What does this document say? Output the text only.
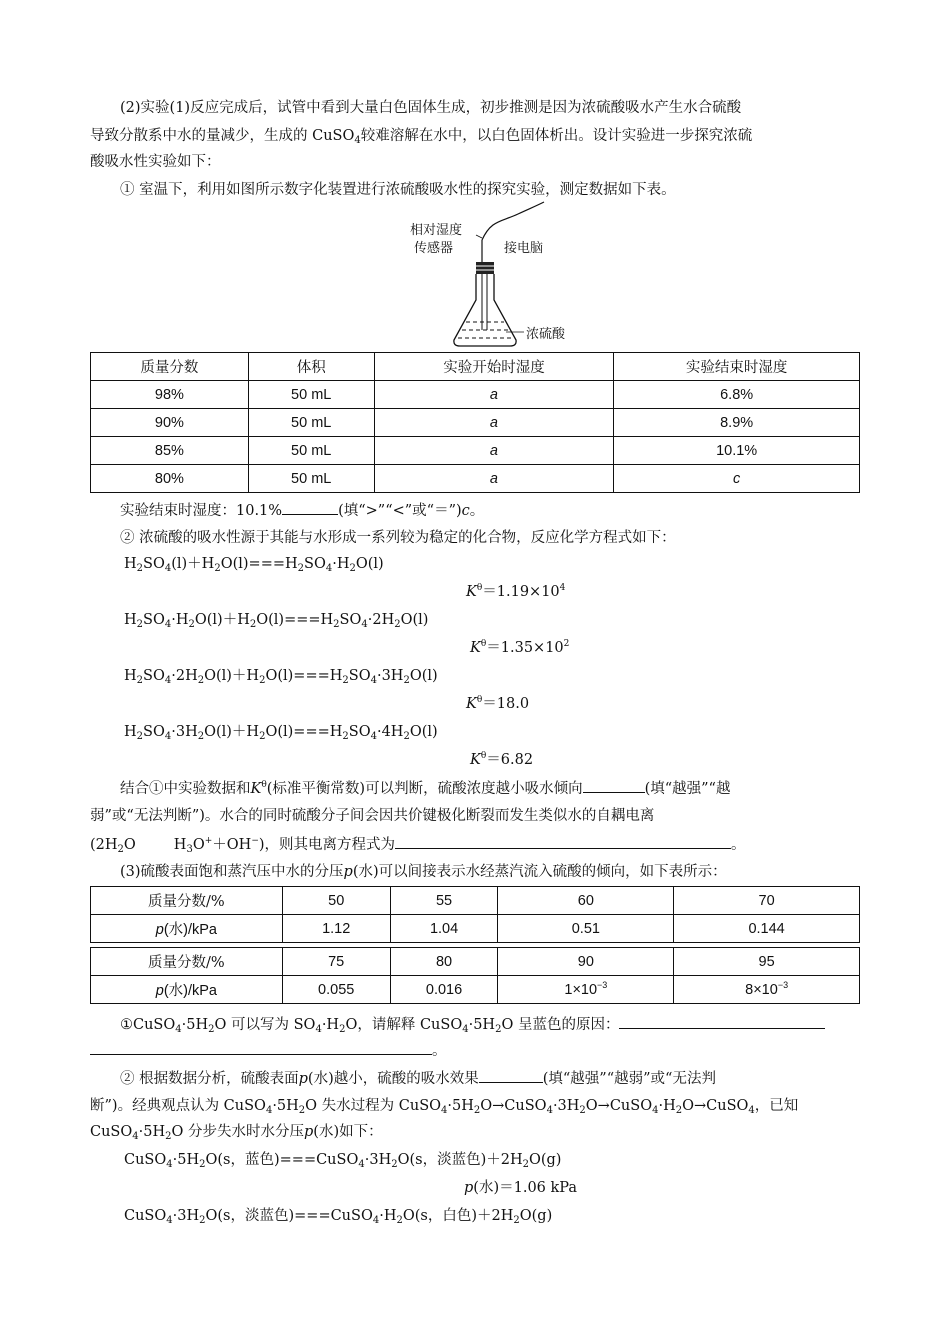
(2)实验(1)反应完成后，试管中看到大量白色固体生成，初步推测是因为浓硫酸吸水产生水合硫酸
导致分散系中水的量减少，生成的 CuSO$_4$较难溶解在水中，以白色固体析出。设计实验进一步探究浓硫
酸吸水性实验如下：
① 室温下，利用如图所示数字化装置进行浓硫酸吸水性的探究实验，测定数据如下表。
相对湿度
传感器	接电脑
浓硫酸
质量分数	体积	实验开始时湿度	实验结束时湿度
98%	50 mL	a	6.8%
90%	50 mL	a	8.9%
85%	50 mL	a	10.1%
80%	50 mL	a	c
实验结束时湿度：10.1%	(填“>”“<”或“＝”)c。
② 浓硫酸的吸水性源于其能与水形成一系列较为稳定的化合物，反应化学方程式如下：
$H_2SO_4(l)+H_2O(l)===H_2SO_4\cdot H_2O(l)$
$K^\theta=1.19\times 10^4$
$H_2SO_4\cdot H_2O(l)+H_2O(l)===H_2SO_4\cdot 2H_2O(l)$
$K^\theta=1.35\times 10^2$
$H_2SO_4\cdot 2H_2O(l)+H_2O(l)===H_2SO_4\cdot 3H_2O(l)$
$K^\theta=18.0$
$H_2SO_4\cdot 3H_2O(l)+H_2O(l)===H_2SO_4\cdot 4H_2O(l)$
$K^\theta=6.82$
结合①中实验数据和$K^\theta$(标准平衡常数)可以判断，硫酸浓度越小吸水倾向	(填“越强”“越
弱”或“无法判断”)。水合的同时硫酸分子间会因共价键极化断裂而发生类似水的自耦电离
($2H_2O$	$H_3O^++OH^-$)，则其电离方程式为	。
(3)硫酸表面饱和蒸汽压中水的分压p(水)可以间接表示水经蒸汽流入硫酸的倾向，如下表所示：
质量分数/%	50	55	60	70
p(水)/kPa	1.12	1.04	0.51	0.144
质量分数/%	75	80	90	95
p(水)/kPa	0.055	0.016	$1\times 10^{-3}$	$8\times 10^{-3}$
$①CuSO_4\cdot 5H_2O$ 可以写为 $SO_4\cdot H_2O$，请解释 $CuSO_4\cdot 5H_2O$ 呈蓝色的原因：
。
② 根据数据分析，硫酸表面p(水)越小，硫酸的吸水效果	(填“越强”“越弱”或“无法判
断”)。经典观点认为 $CuSO_4\cdot 5H_2O$ 失水过程为 $CuSO_4\cdot 5H_2O\to CuSO_4\cdot 3H_2O\to CuSO_4\cdot H_2O\to CuSO_4$，已知
$CuSO_4\cdot 5H_2O$ 分步失水时水分压p(水)如下：
$CuSO_4\cdot 5H_2O(s$，蓝色)$===CuSO_4\cdot 3H_2O(s$，淡蓝色)$+2H_2O(g)$
p(水)＝1.06 kPa
$CuSO_4\cdot 3H_2O(s$，淡蓝色)$===CuSO_4\cdot H_2O(s$，白色)$+2H_2O(g)$
